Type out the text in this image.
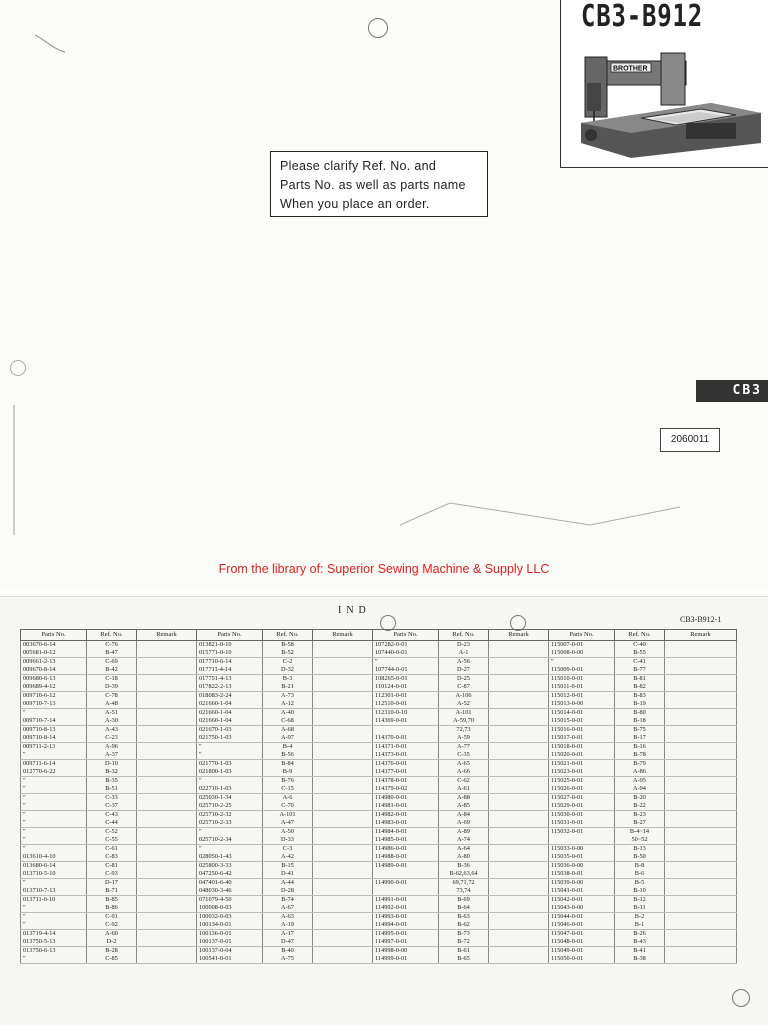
CB3-B912
BROTHER
Please clarify Ref. No. and
Parts No. as well as parts name
When you place an order.
CB3
2060011
From the library of: Superior Sewing Machine & Supply LLC
IND
CB3-B912-1
Parts No.	Ref. No.	Remark	Parts No.	Ref. No.	Remark	Parts No.	Ref. No.	Remark	Parts No.	Ref. No.	Remark
003670-6-14	C-76		013821-0-10	B-58		107282-0-01	D-23		115007-0-01	C-40	
005681-0-12	B-47		015771-0-10	B-52		107440-0-01	A-1		115008-0-00	B-55	
009661-2-13	C-69		017710-6-14	C-2		"	A-56		"	C-41	
009670-8-14	B-42		017711-4-14	D-32		107744-0-01	D-27		115009-0-01	B-77	
009680-6-13	C-18		017751-4-13	B-3		108265-0-01	D-25		115010-0-01	B-81	
009689-4-12	D-39		017822-2-13	B-21		110124-0-01	C-87		115011-0-01	B-82	
009710-6-12	C-78		018083-2-24	A-73		112301-0-01	A-106		115012-0-01	B-83	
009710-7-13	A-48		021660-1-04	A-12		112510-0-01	A-52		115013-0-00	B-19	
"	A-51		021660-1-04	A-40		112310-0-10	A-101		115014-0-01	B-80	
009710-7-14	A-30		021660-1-04	C-68		114369-0-01	A-59,70		115015-0-01	B-18	
009710-8-13	A-43		021670-1-03	A-68			72,73		115016-0-01	B-75	
009710-8-14	C-23		021750-1-03	A-97		114370-0-01	A-59		115017-0-01	B-17	
009711-2-13	A-96		"	B-4		114371-0-01	A-77		115018-0-01	B-16	
"	A-37		"	B-56		114373-0-01	C-35		115020-0-01	B-78	
009711-6-14	D-10		021770-1-03	B-84		114376-0-01	A-65		115021-0-01	B-79	
012770-6-22	B-32		021800-1-03	B-9		114377-0-01	A-66		115023-0-01	A-86	
"	B-35		"	B-76		114378-0-01	C-62		115025-0-01	A-95	
"	B-51		022710-1-03	C-15		114379-0-02	A-61		115026-0-01	A-94	
"	C-33		025030-1-34	A-6		114980-0-01	A-88		115027-0-01	B-20	
"	C-37		025710-2-25	C-70		114981-0-01	A-85		115029-0-01	B-22	
"	C-43		025710-2-32	A-101		114982-0-01	A-84		115030-0-01	B-23	
"	C-44		025710-2-33	A-47		114983-0-01	A-69		115031-0-01	B-27	
"	C-52		"	A-50		114984-0-01	A-89		115032-0-01	B-4~14	
"	C-55		025710-2-34	D-33		114985-0-01	A-74			50~52	
"	C-61		"	C-3		114986-0-01	A-64		115033-0-00	B-13	
013610-4-10	C-83		028050-1-43	A-42		114988-0-01	A-80		115035-0-01	B-50	
013680-6-14	C-81		025800-3-33	B-15		114989-0-01	B-36		115036-0-00	B-8	
013710-5-10	C-93		047250-6-42	D-41			B-62,63,64		115038-0-01	B-6	
"	D-17		047401-6-40	A-44		114990-0-01	69,71,72		115039-0-00	B-5	
013710-7-13	B-71		048030-3-46	D-28			73,74		115041-0-01	B-10	
013711-0-10	B-85		071079-4-50	B-74		114991-0-01	B-69		115042-0-01	B-12	
"	B-86		100008-0-03	A-67		114992-0-01	B-64		115043-0-00	B-11	
"	C-91		100032-0-03	A-63		114993-0-01	B-63		115044-0-01	B-2	
"	C-92		100134-0-01	A-19		114994-0-01	B-62		115046-0-01	B-1	
013719-4-14	A-60		100136-0-01	A-17		114995-0-01	B-73		115047-0-01	B-26	
013750-5-13	D-2		100137-0-01	D-47		114997-0-01	B-72		115048-0-01	B-43	
013750-6-13	B-28		100137-0-04	B-40		114998-0-00	B-61		115049-0-01	B-41	
"	C-85		100541-0-01	A-75		114999-0-01	B-65		115050-0-01	B-38	
